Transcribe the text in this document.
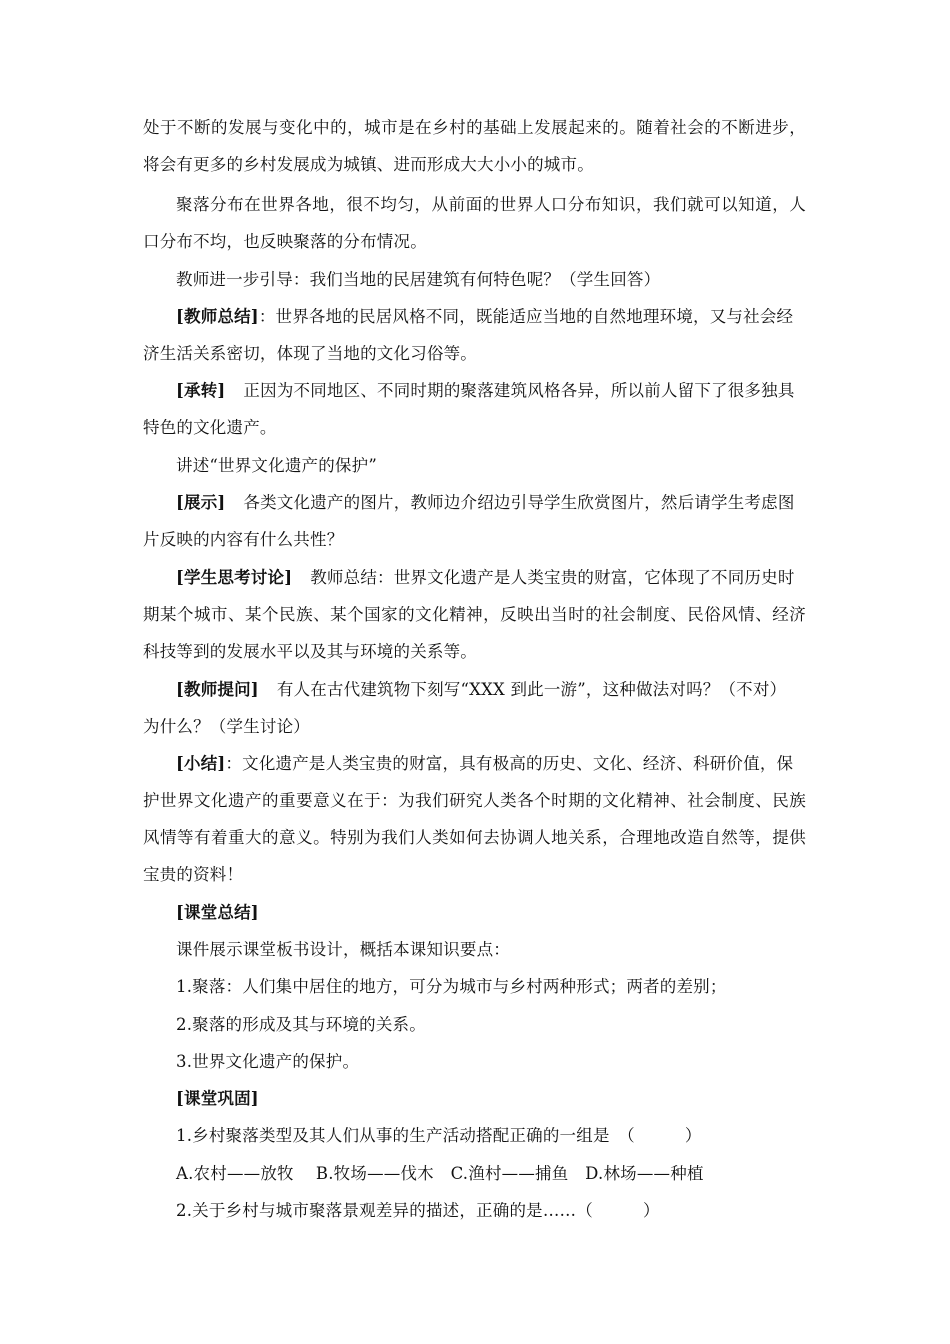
处于不断的发展与变化中的，城市是在乡村的基础上发展起来的。随着社会的不断进步，
将会有更多的乡村发展成为城镇、进而形成大大小小的城市。
聚落分布在世界各地，很不均匀，从前面的世界人口分布知识，我们就可以知道，人
口分布不均，也反映聚落的分布情况。
教师进一步引导：我们当地的民居建筑有何特色呢？（学生回答）
[教师总结]：世界各地的民居风格不同，既能适应当地的自然地理环境，又与社会经
济生活关系密切，体现了当地的文化习俗等。
[承转] 正因为不同地区、不同时期的聚落建筑风格各异，所以前人留下了很多独具
特色的文化遗产。
讲述“世界文化遗产的保护”
[展示] 各类文化遗产的图片，教师边介绍边引导学生欣赏图片，然后请学生考虑图
片反映的内容有什么共性？
[学生思考讨论] 教师总结：世界文化遗产是人类宝贵的财富，它体现了不同历史时
期某个城市、某个民族、某个国家的文化精神，反映出当时的社会制度、民俗风情、经济
科技等到的发展水平以及其与环境的关系等。
[教师提问] 有人在古代建筑物下刻写“XXX 到此一游”，这种做法对吗？（不对）
为什么？（学生讨论）
[小结]：文化遗产是人类宝贵的财富，具有极高的历史、文化、经济、科研价值，保
护世界文化遗产的重要意义在于：为我们研究人类各个时期的文化精神、社会制度、民族
风情等有着重大的意义。特别为我们人类如何去协调人地关系，合理地改造自然等，提供
宝贵的资料！
[课堂总结]
课件展示课堂板书设计，概括本课知识要点：
1.聚落：人们集中居住的地方，可分为城市与乡村两种形式；两者的差别；
2.聚落的形成及其与环境的关系。
3.世界文化遗产的保护。
[课堂巩固]
1.乡村聚落类型及其人们从事的生产活动搭配正确的一组是　（　　　）
A.农村——放牧　 B.牧场——伐木　C.渔村——捕鱼　D.林场——种植
2.关于乡村与城市聚落景观差异的描述，正确的是……（　　　）
